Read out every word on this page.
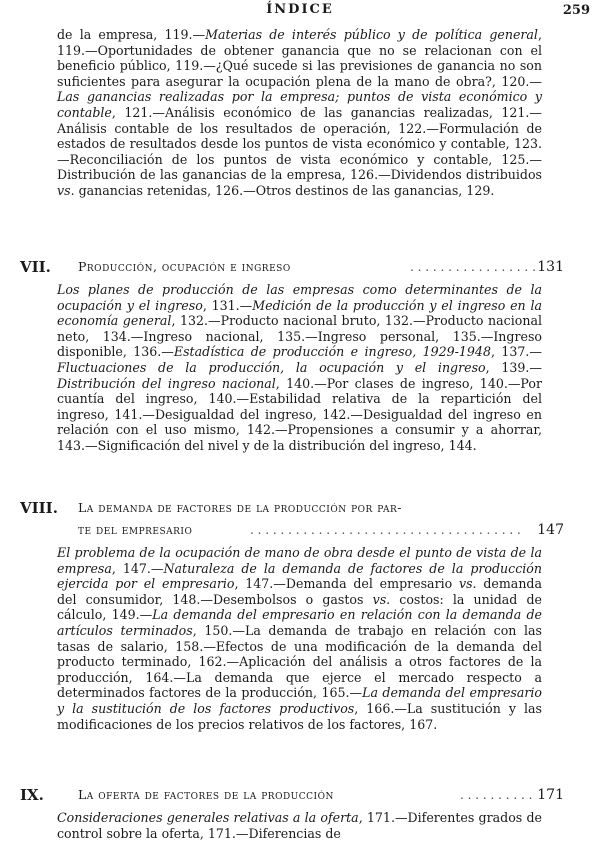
ÍNDICE	259
de la empresa, 119.—Materias de interés público y de política general, 119.—Oportunidades de obtener ganancia que no se relacionan con el beneficio público, 119.—¿Qué sucede si las previsiones de ganancia no son suficientes para asegurar la ocupación plena de la mano de obra?, 120.—Las ganancias realizadas por la empresa; puntos de vista económico y contable, 121.—Análisis económico de las ganancias realizadas, 121.—Análisis contable de los resultados de operación, 122.—Formulación de estados de resultados desde los puntos de vista económico y contable, 123.—Reconciliación de los puntos de vista económico y contable, 125.—Distribución de las ganancias de la empresa, 126.—Dividendos distribuidos vs. ganancias retenidas, 126.—Otros destinos de las ganancias, 129.
VII.	Producción, ocupación e ingreso	. . . . . . . . . . . . . . . . . 131
Los planes de producción de las empresas como determinantes de la ocupación y el ingreso, 131.—Medición de la producción y el ingreso en la economía general, 132.—Producto nacional bruto, 132.—Producto nacional neto, 134.—Ingreso nacional, 135.—Ingreso personal, 135.—Ingreso disponible, 136.—Estadística de producción e ingreso, 1929-1948, 137.—Fluctuaciones de la producción, la ocupación y el ingreso, 139.—Distribución del ingreso nacional, 140.—Por clases de ingreso, 140.—Por cuantía del ingreso, 140.—Estabilidad relativa de la repartición del ingreso, 141.—Desigualdad del ingreso, 142.—Desigualdad del ingreso en relación con el uso mismo, 142.—Propensiones a consumir y a ahorrar, 143.—Significación del nivel y de la distribución del ingreso, 144.
VIII. La demanda de factores de la producción por par-
te del empresario	. . . . . . . . . . . . . . . . . . . . . . . . . . . . . . . . . . . .	147
El problema de la ocupación de mano de obra desde el punto de vista de la empresa, 147.—Naturaleza de la demanda de factores de la producción ejercida por el empresario, 147.—Demanda del empresario vs. demanda del consumidor, 148.—Desembolsos o gastos vs. costos: la unidad de cálculo, 149.—La demanda del empresario en relación con la demanda de artículos terminados, 150.—La demanda de trabajo en relación con las tasas de salario, 158.—Efectos de una modificación de la demanda del producto terminado, 162.—Aplicación del análisis a otros factores de la producción, 164.—La demanda que ejerce el mercado respecto a determinados factores de la producción, 165.—La demanda del empresario y la sustitución de los factores productivos, 166.—La sustitución y las modificaciones de los precios relativos de los factores, 167.
IX.	La oferta de factores de la producción	. . . . . . . . . . 171
Consideraciones generales relativas a la oferta, 171.—Diferentes grados de control sobre la oferta, 171.—Diferencias de
